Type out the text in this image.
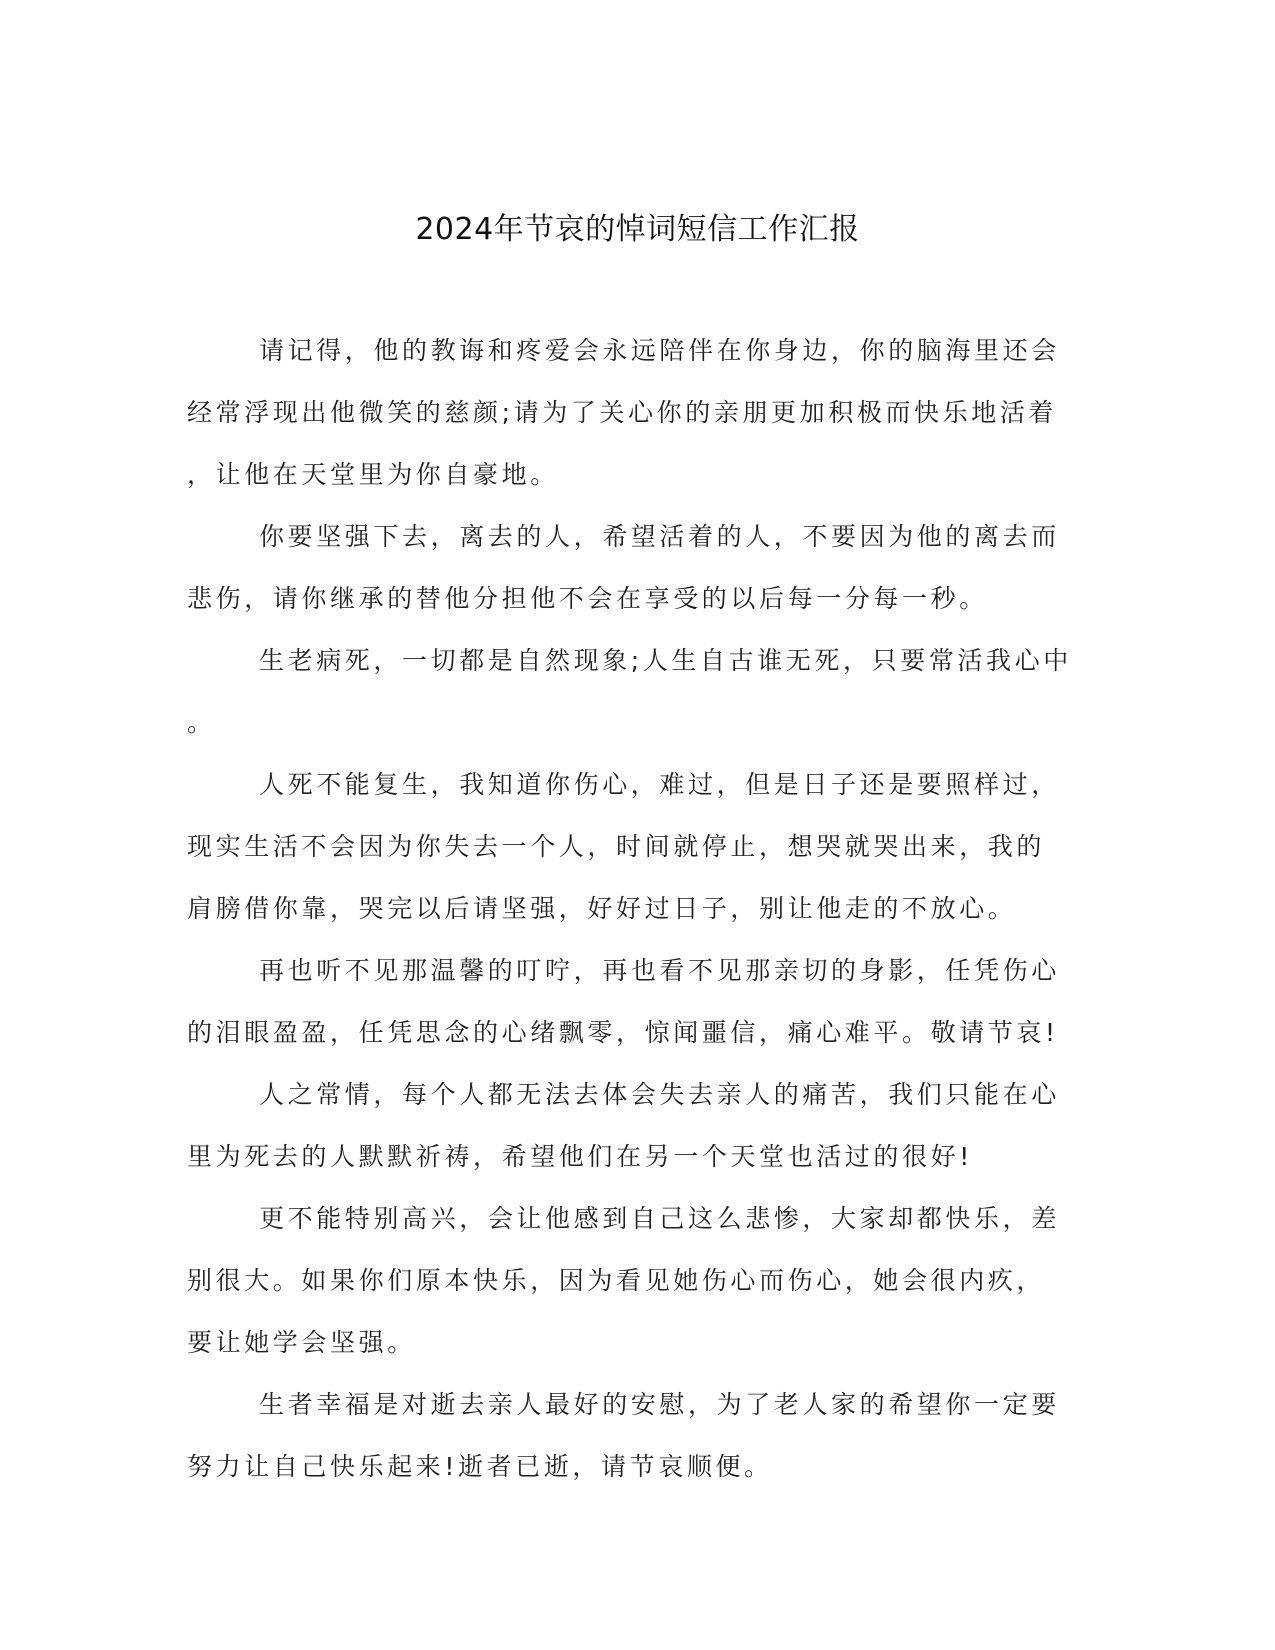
2024年节哀的悼词短信工作汇报

请记得，他的教诲和疼爱会永远陪伴在你身边，你的脑海里还会
经常浮现出他微笑的慈颜;请为了关心你的亲朋更加积极而快乐地活着
，让他在天堂里为你自豪地。

你要坚强下去，离去的人，希望活着的人，不要因为他的离去而
悲伤，请你继承的替他分担他不会在享受的以后每一分每一秒。

生老病死，一切都是自然现象;人生自古谁无死，只要常活我心中
。

人死不能复生，我知道你伤心，难过，但是日子还是要照样过，
现实生活不会因为你失去一个人，时间就停止，想哭就哭出来，我的
肩膀借你靠，哭完以后请坚强，好好过日子，别让他走的不放心。

再也听不见那温馨的叮咛，再也看不见那亲切的身影，任凭伤心
的泪眼盈盈，任凭思念的心绪飘零，惊闻噩信，痛心难平。敬请节哀!

人之常情，每个人都无法去体会失去亲人的痛苦，我们只能在心
里为死去的人默默祈祷，希望他们在另一个天堂也活过的很好!

更不能特别高兴，会让他感到自己这么悲惨，大家却都快乐，差
别很大。如果你们原本快乐，因为看见她伤心而伤心，她会很内疚，
要让她学会坚强。

生者幸福是对逝去亲人最好的安慰，为了老人家的希望你一定要
努力让自己快乐起来!逝者已逝，请节哀顺便。
